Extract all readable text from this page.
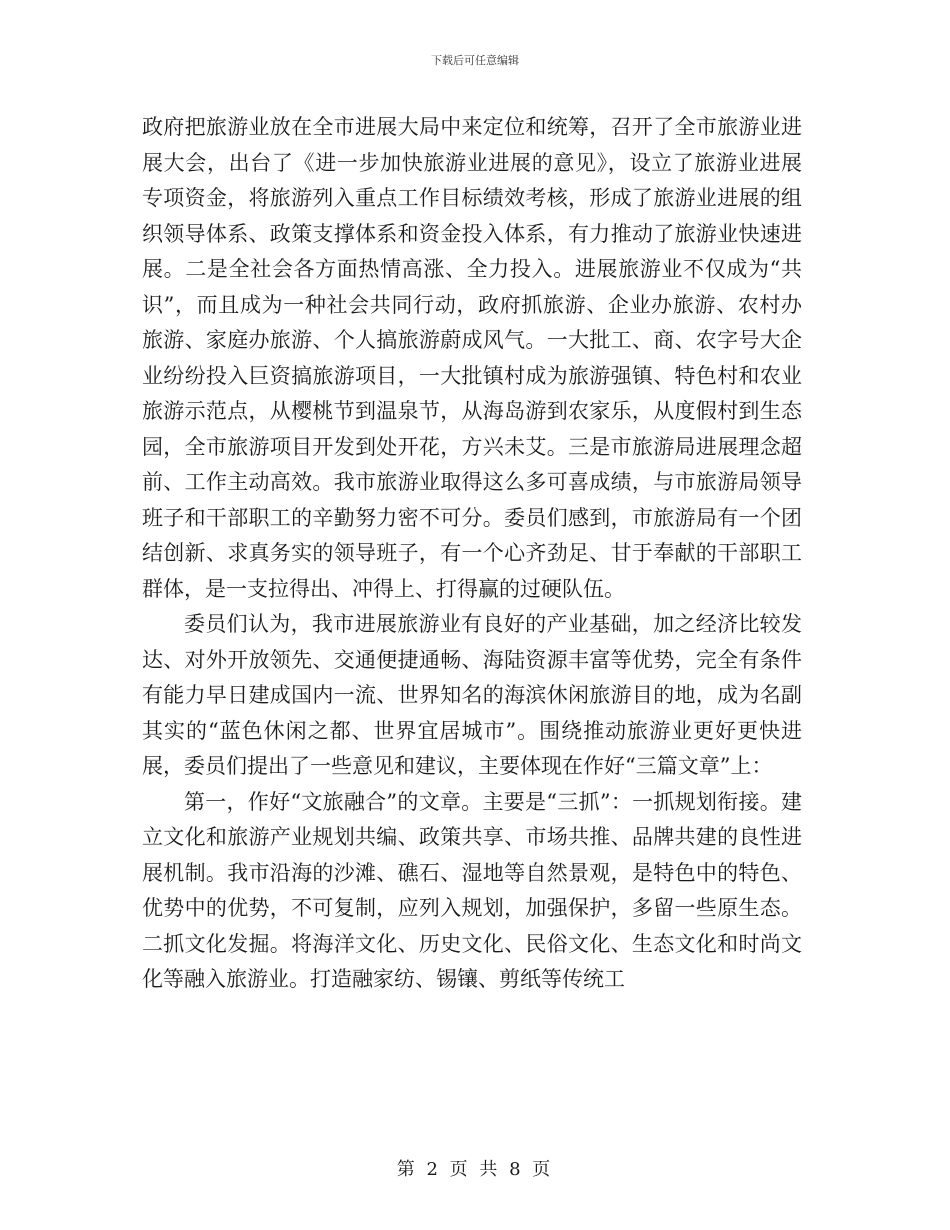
下载后可任意编辑

政府把旅游业放在全市进展大局中来定位和统筹，召开了全市旅游业进展大会，出台了《进一步加快旅游业进展的意见》，设立了旅游业进展专项资金，将旅游列入重点工作目标绩效考核，形成了旅游业进展的组织领导体系、政策支撑体系和资金投入体系，有力推动了旅游业快速进展。二是全社会各方面热情高涨、全力投入。进展旅游业不仅成为“共识”，而且成为一种社会共同行动，政府抓旅游、企业办旅游、农村办旅游、家庭办旅游、个人搞旅游蔚成风气。一大批工、商、农字号大企业纷纷投入巨资搞旅游项目，一大批镇村成为旅游强镇、特色村和农业旅游示范点，从樱桃节到温泉节，从海岛游到农家乐，从度假村到生态园，全市旅游项目开发到处开花，方兴未艾。三是市旅游局进展理念超前、工作主动高效。我市旅游业取得这么多可喜成绩，与市旅游局领导班子和干部职工的辛勤努力密不可分。委员们感到，市旅游局有一个团结创新、求真务实的领导班子，有一个心齐劲足、甘于奉献的干部职工群体，是一支拉得出、冲得上、打得赢的过硬队伍。

委员们认为，我市进展旅游业有良好的产业基础，加之经济比较发达、对外开放领先、交通便捷通畅、海陆资源丰富等优势，完全有条件有能力早日建成国内一流、世界知名的海滨休闲旅游目的地，成为名副其实的“蓝色休闲之都、世界宜居城市”。围绕推动旅游业更好更快进展，委员们提出了一些意见和建议，主要体现在作好“三篇文章”上：

第一，作好“文旅融合”的文章。主要是“三抓”：一抓规划衔接。建立文化和旅游产业规划共编、政策共享、市场共推、品牌共建的良性进展机制。我市沿海的沙滩、礁石、湿地等自然景观，是特色中的特色、优势中的优势，不可复制，应列入规划，加强保护，多留一些原生态。二抓文化发掘。将海洋文化、历史文化、民俗文化、生态文化和时尚文化等融入旅游业。打造融家纺、锡镶、剪纸等传统工

第 2 页 共 8 页
